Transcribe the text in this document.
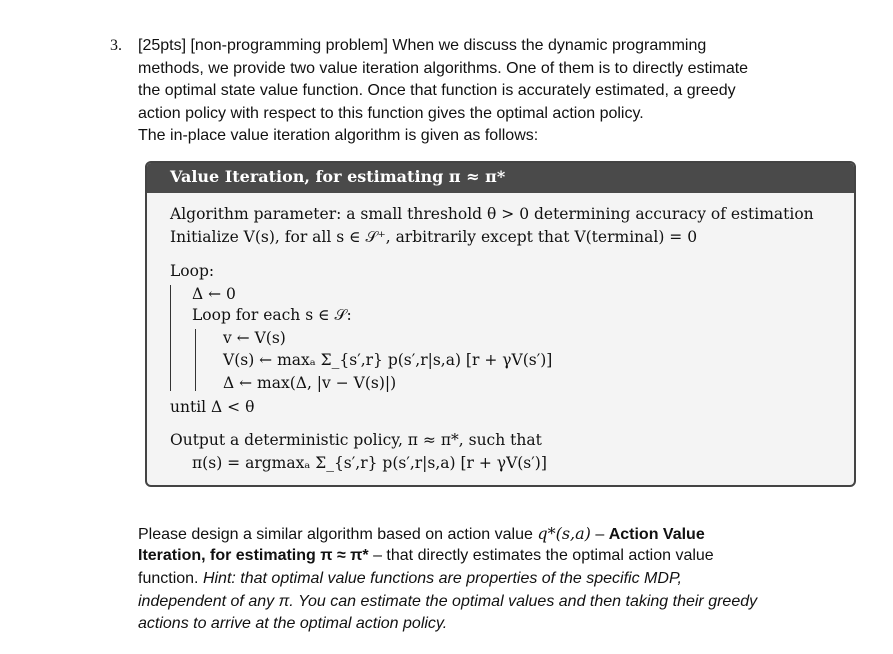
3. [25pts] [non-programming problem] When we discuss the dynamic programming
methods, we provide two value iteration algorithms. One of them is to directly estimate
the optimal state value function. Once that function is accurately estimated, a greedy
action policy with respect to this function gives the optimal action policy.
The in-place value iteration algorithm is given as follows:
Value Iteration, for estimating π ≈ π*
Algorithm parameter: a small threshold θ > 0 determining accuracy of estimation
Initialize V(s), for all s ∈ 𝒮⁺, arbitrarily except that V(terminal) = 0
Loop:
Δ ← 0
Loop for each s ∈ 𝒮:
v ← V(s)
V(s) ← maxₐ Σ_{s′,r} p(s′,r|s,a) [r + γV(s′)]
Δ ← max(Δ, |v − V(s)|)
until Δ < θ
Output a deterministic policy, π ≈ π*, such that
π(s) = argmaxₐ Σ_{s′,r} p(s′,r|s,a) [r + γV(s′)]
Please design a similar algorithm based on action value q*(s,a) – Action Value
Iteration, for estimating π ≈ π* – that directly estimates the optimal action value
function. Hint: that optimal value functions are properties of the specific MDP,
independent of any π. You can estimate the optimal values and then taking their greedy
actions to arrive at the optimal action policy.
